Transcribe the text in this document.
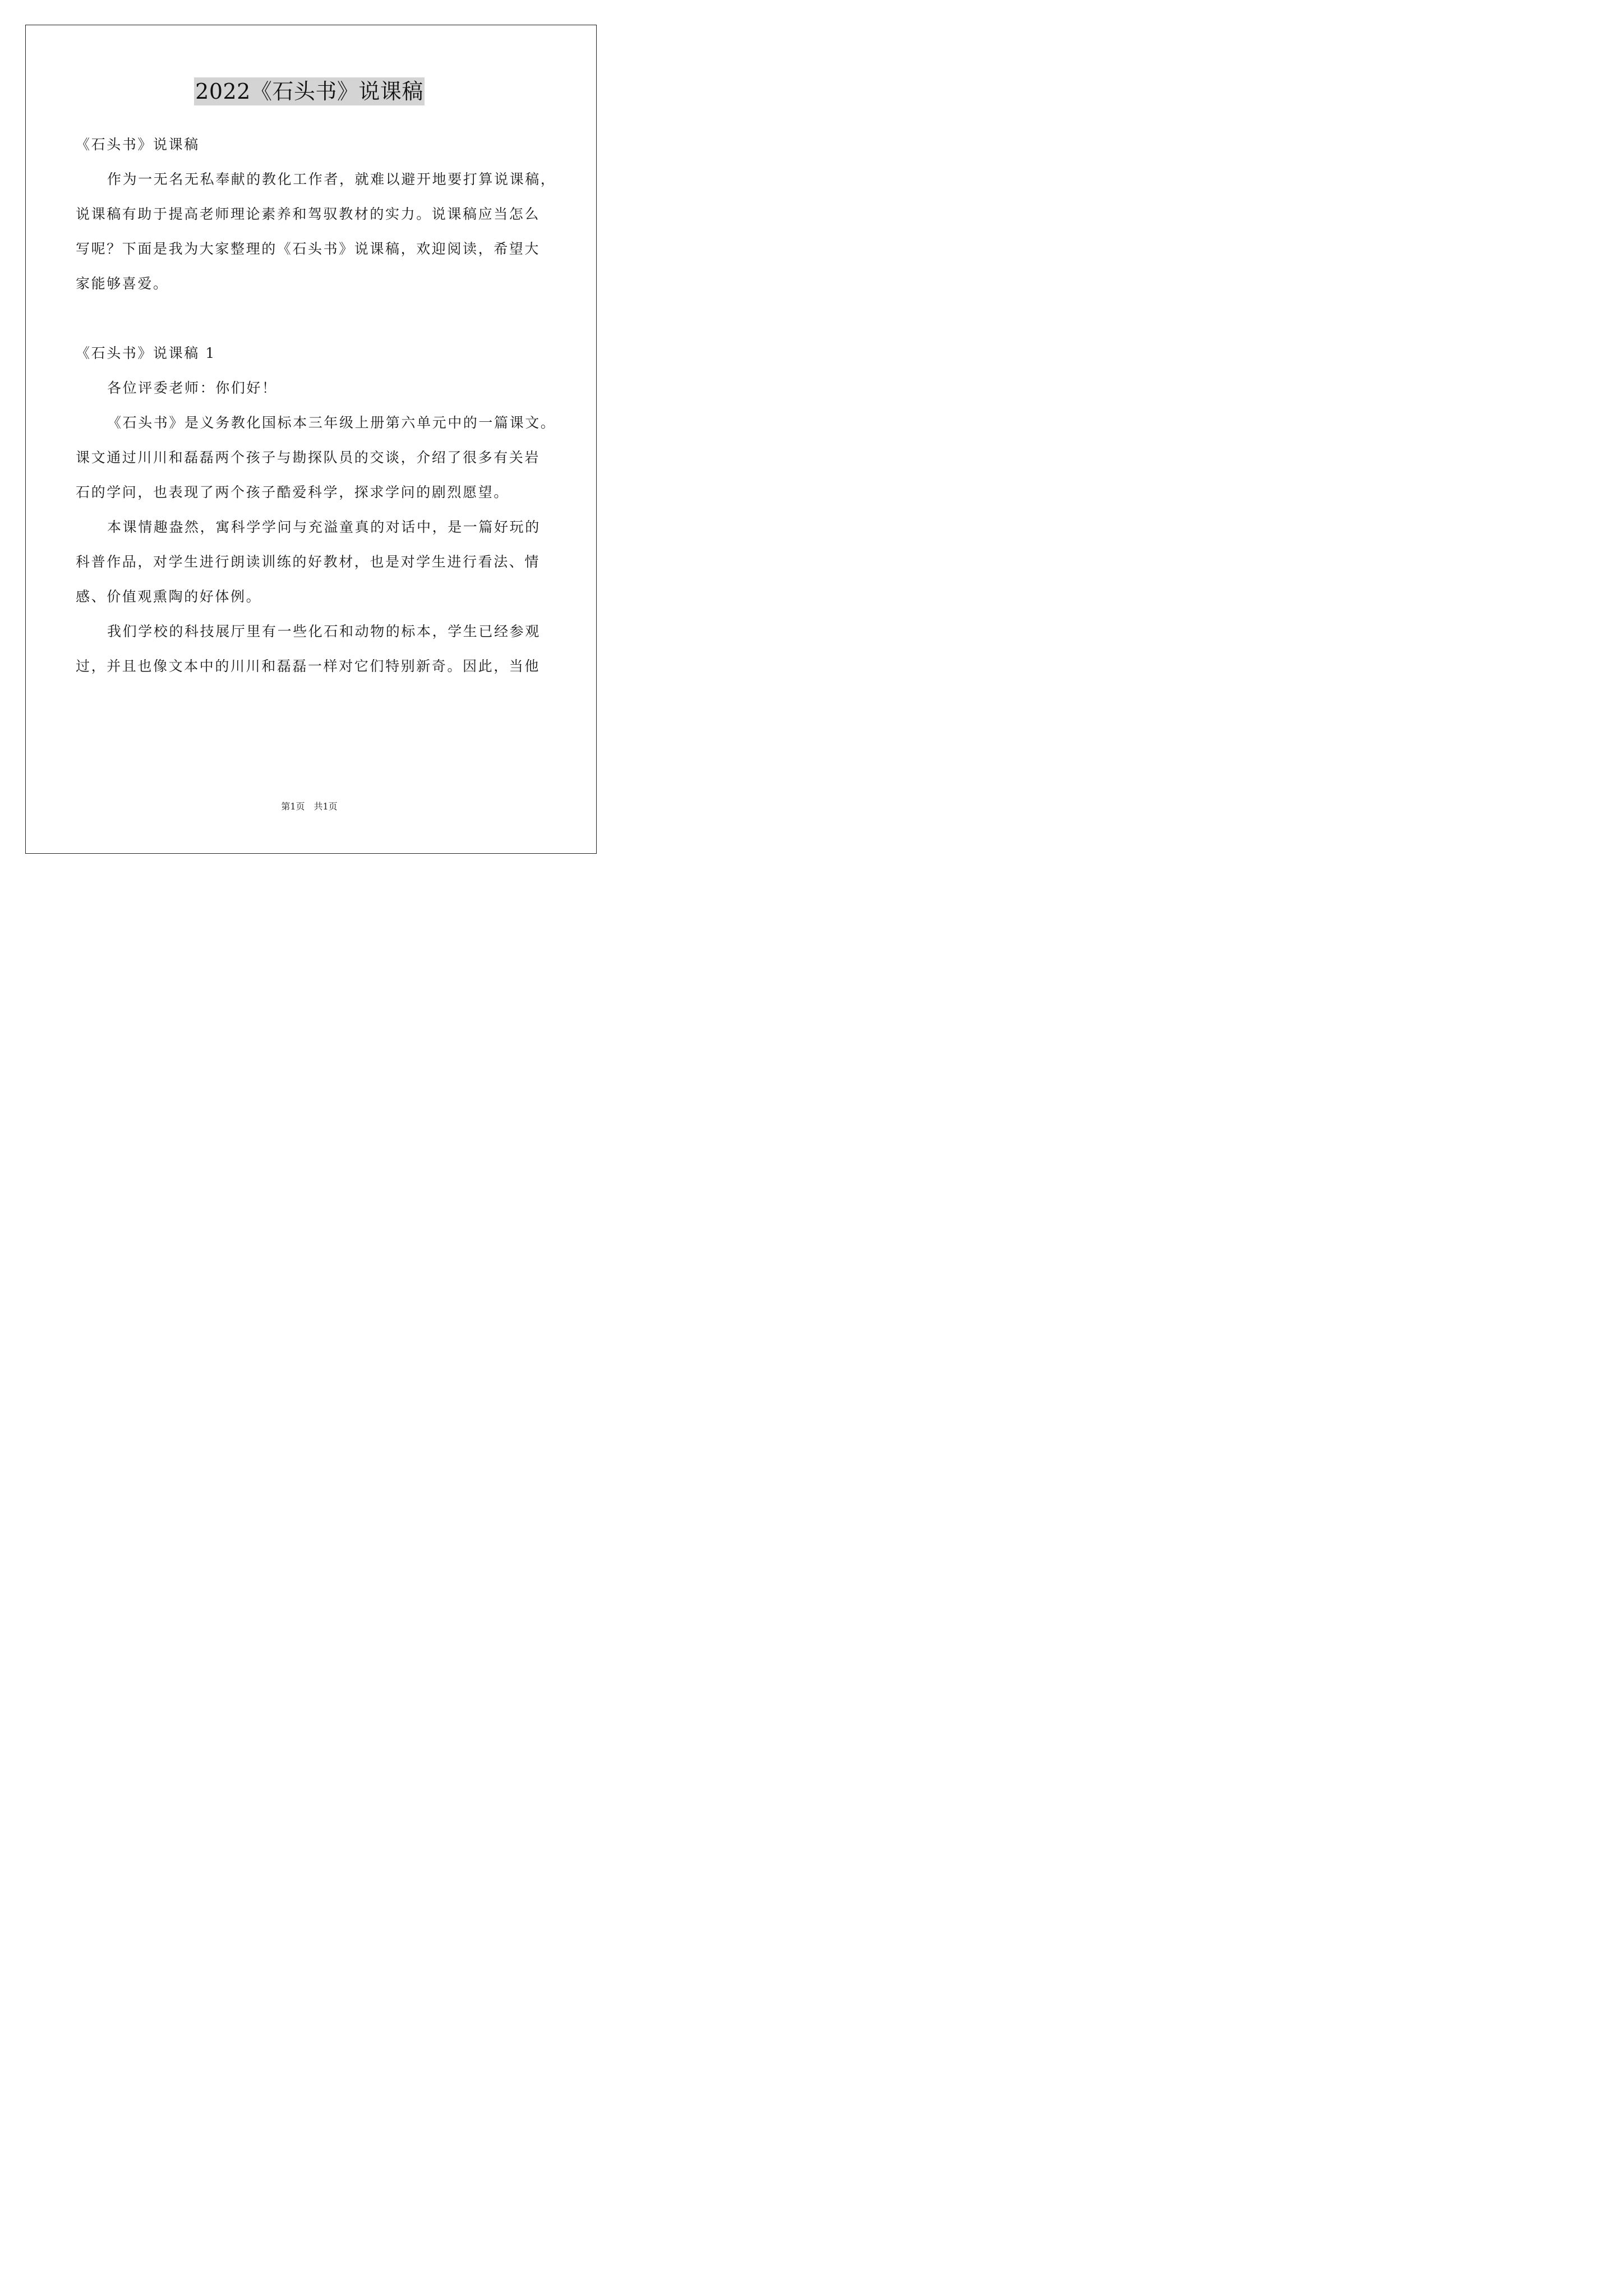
2022《石头书》说课稿
《石头书》说课稿
作为一无名无私奉献的教化工作者，就难以避开地要打算说课稿，
说课稿有助于提高老师理论素养和驾驭教材的实力。说课稿应当怎么
写呢？下面是我为大家整理的《石头书》说课稿，欢迎阅读，希望大
家能够喜爱。
《石头书》说课稿 1
各位评委老师：你们好！
《石头书》是义务教化国标本三年级上册第六单元中的一篇课文。
课文通过川川和磊磊两个孩子与勘探队员的交谈，介绍了很多有关岩
石的学问，也表现了两个孩子酷爱科学，探求学问的剧烈愿望。
本课情趣盎然，寓科学学问与充溢童真的对话中，是一篇好玩的
科普作品，对学生进行朗读训练的好教材，也是对学生进行看法、情
感、价值观熏陶的好体例。
我们学校的科技展厅里有一些化石和动物的标本，学生已经参观
过，并且也像文本中的川川和磊磊一样对它们特别新奇。因此，当他
第1页　共1页
